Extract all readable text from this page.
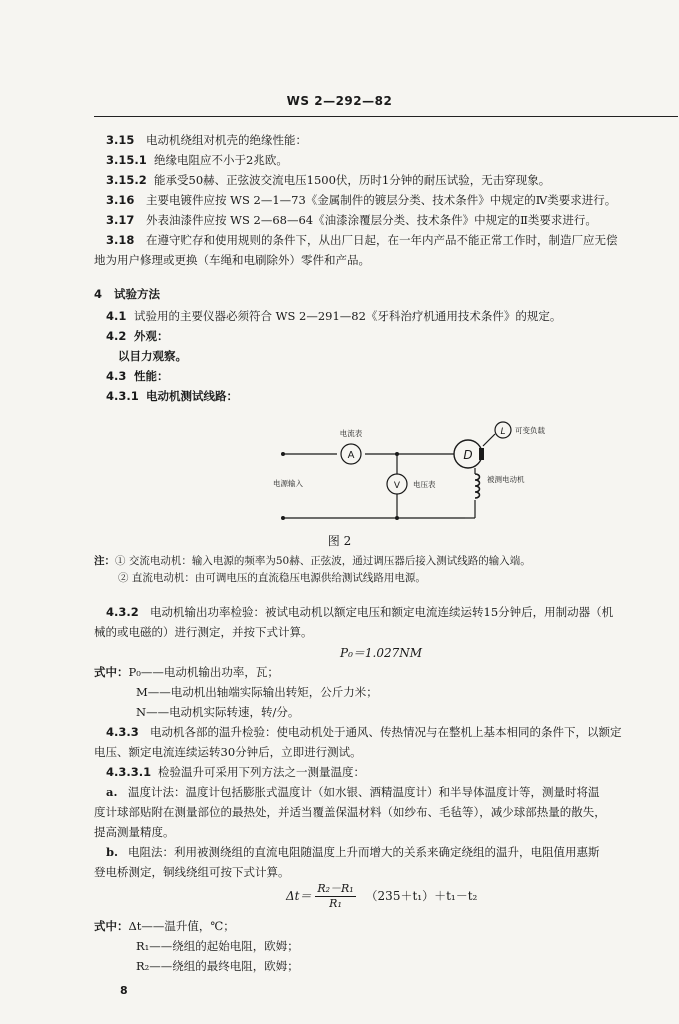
WS 2—292—82
3.15 电动机绕组对机壳的绝缘性能：
3.15.1 绝缘电阻应不小于2兆欧。
3.15.2 能承受50赫、正弦波交流电压1500伏，历时1分钟的耐压试验，无击穿现象。
3.16 主要电镀件应按 WS 2—1—73《金属制件的镀层分类、技术条件》中规定的Ⅳ类要求进行。
3.17 外表油漆件应按 WS 2—68—64《油漆涂覆层分类、技术条件》中规定的Ⅱ类要求进行。
3.18 在遵守贮存和使用规则的条件下，从出厂日起，在一年内产品不能正常工作时，制造厂应无偿
地为用户修理或更换（车绳和电刷除外）零件和产品。
4 试验方法
4.1 试验用的主要仪器必须符合 WS 2—291—82《牙科治疗机通用技术条件》的规定。
4.2 外观：
以目力观察。
4.3 性能：
4.3.1 电动机测试线路：
A
电流表
V 电压表
电源输入
D
被测电动机
L 可变负载
图 2
注：① 交流电动机：输入电源的频率为50赫、正弦波，通过调压器后接入测试线路的输入端。
② 直流电动机：由可调电压的直流稳压电源供给测试线路用电源。
4.3.2 电动机输出功率检验：被试电动机以额定电压和额定电流连续运转15分钟后，用制动器（机
械的或电磁的）进行测定，并按下式计算。
P₀＝1.027NM
式中：P₀——电动机输出功率，瓦；
M——电动机出轴端实际输出转矩，公斤力米；
N——电动机实际转速，转/分。
4.3.3 电动机各部的温升检验：使电动机处于通风、传热情况与在整机上基本相同的条件下，以额定
电压、额定电流连续运转30分钟后，立即进行测试。
4.3.3.1 检验温升可采用下列方法之一测量温度：
a. 温度计法：温度计包括膨胀式温度计（如水银、酒精温度计）和半导体温度计等，测量时将温
度计球部贴附在测量部位的最热处，并适当覆盖保温材料（如纱布、毛毡等），减少球部热量的散失，
提高测量精度。
b. 电阻法：利用被测绕组的直流电阻随温度上升而增大的关系来确定绕组的温升，电阻值用惠斯
登电桥测定，铜线绕组可按下式计算。
$\Delta t= \frac{\text{R₂－R₁}}{\text{R₁}} (235+t_1)+t_1-t_2$
式中：Δt——温升值，℃；
R₁——绕组的起始电阻，欧姆；
R₂——绕组的最终电阻，欧姆；
8
